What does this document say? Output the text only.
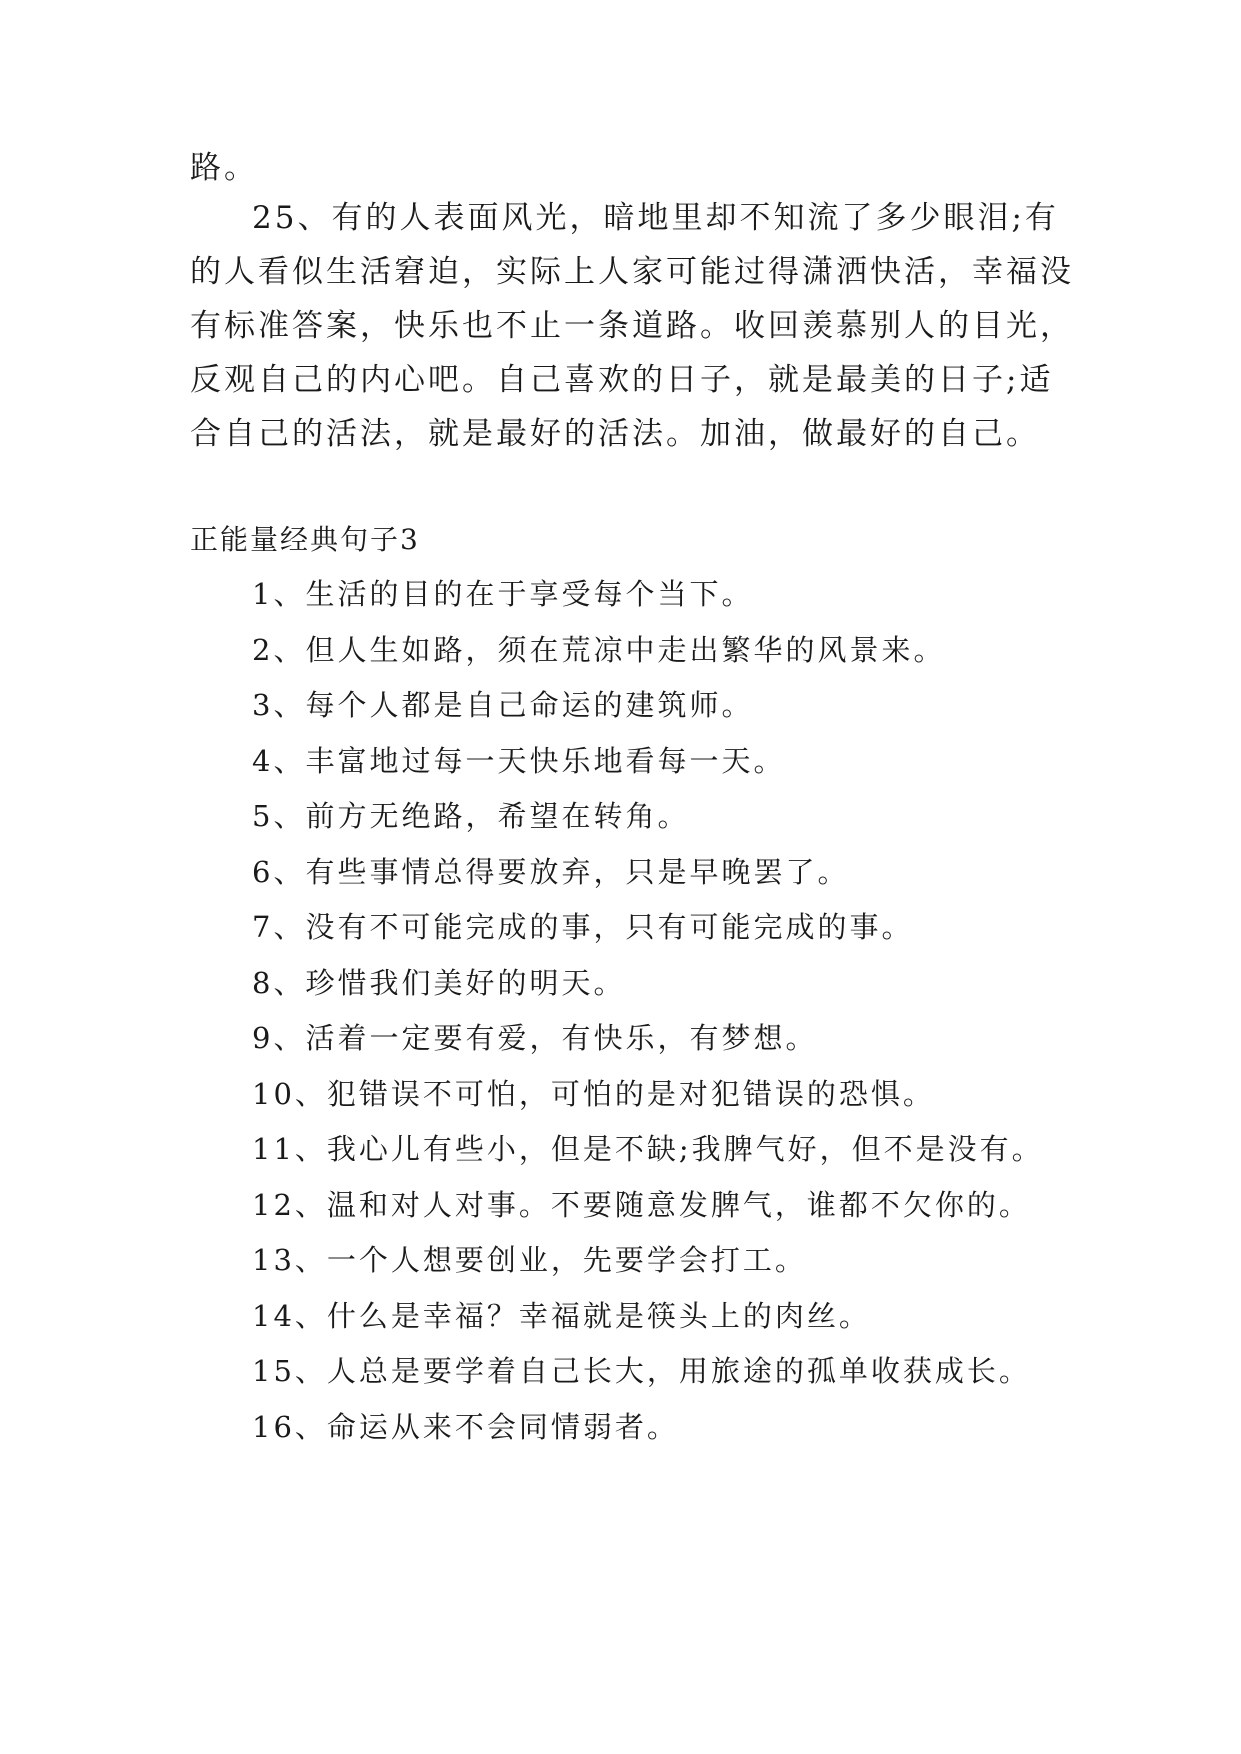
路。
25、有的人表面风光，暗地里却不知流了多少眼泪;有
的人看似生活窘迫，实际上人家可能过得潇洒快活，幸福没
有标准答案，快乐也不止一条道路。收回羡慕别人的目光，
反观自己的内心吧。自己喜欢的日子，就是最美的日子;适
合自己的活法，就是最好的活法。加油，做最好的自己。
正能量经典句子3
1、生活的目的在于享受每个当下。
2、但人生如路，须在荒凉中走出繁华的风景来。
3、每个人都是自己命运的建筑师。
4、丰富地过每一天快乐地看每一天。
5、前方无绝路，希望在转角。
6、有些事情总得要放弃，只是早晚罢了。
7、没有不可能完成的事，只有可能完成的事。
8、珍惜我们美好的明天。
9、活着一定要有爱，有快乐，有梦想。
10、犯错误不可怕，可怕的是对犯错误的恐惧。
11、我心儿有些小，但是不缺;我脾气好，但不是没有。
12、温和对人对事。不要随意发脾气，谁都不欠你的。
13、一个人想要创业，先要学会打工。
14、什么是幸福？幸福就是筷头上的肉丝。
15、人总是要学着自己长大，用旅途的孤单收获成长。
16、命运从来不会同情弱者。
